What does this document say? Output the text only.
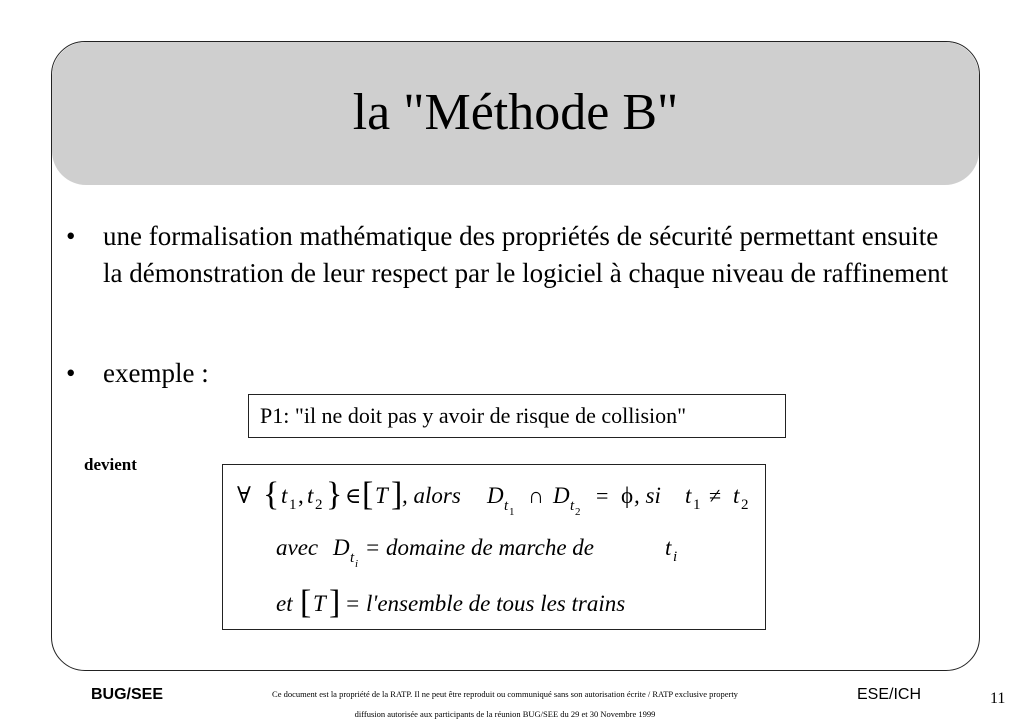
la "Méthode B"
• une formalisation mathématique des propriétés de sécurité permettant ensuite la démonstration de leur respect par le logiciel à chaque niveau de raffinement
• exemple :
P1: "il ne doit pas y avoir de risque de collision"
devient
∀ { t 1 , t 2 } ∈ [ T ] , alors D t 1
∩ D t 2
= ϕ , si t 1 ≠ t 2
avec D t i
= domaine de marche de	t i
et [ T ]
= l'ensemble de tous les trains
BUG/SEE	Ce document est la propriété de la RATP. Il ne peut être reproduit ou communiqué sans son autorisation écrite / RATP exclusive property
diffusion autorisée aux participants de la réunion BUG/SEE du 29 et 30 Novembre 1999
ESE/ICH	11
